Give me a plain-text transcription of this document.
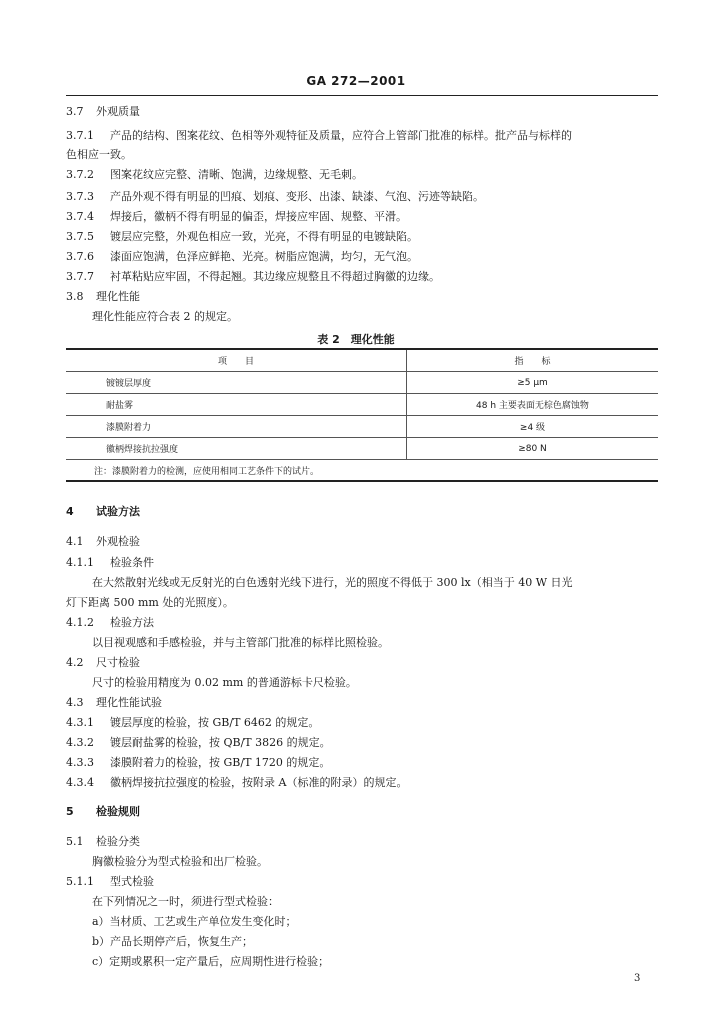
GA 272—2001
3.7 外观质量
3.7.1 产品的结构、图案花纹、色相等外观特征及质量，应符合上管部门批准的标样。批产品与标样的
色相应一致。
3.7.2 图案花纹应完整、清晰、饱满，边缘规整、无毛刺。
3.7.3 产品外观不得有明显的凹痕、划痕、变形、出漆、缺漆、气泡、污迹等缺陷。
3.7.4 焊接后，徽柄不得有明显的偏歪，焊接应牢固、规整、平滑。
3.7.5 镀层应完整，外观色相应一致，光亮，不得有明显的电镀缺陷。
3.7.6 漆面应饱满，色泽应鲜艳、光亮。树脂应饱满，均匀，无气泡。
3.7.7 衬革粘贴应牢固，不得起翘。其边缘应规整且不得超过胸徽的边缘。
3.8 理化性能
理化性能应符合表 2 的规定。
表 2　理化性能
项　　目	指　　标
镀镀层厚度	≥5 μm
耐盐雾	48 h 主要表面无棕色腐蚀物
漆膜附着力	≥4 级
徽柄焊接抗拉强度	≥80 N
注：漆膜附着力的检测，应使用相同工艺条件下的试片。	
4 试验方法
4.1 外观检验
4.1.1 检验条件
在大然散射光线或无反射光的白色透射光线下进行，光的照度不得低于 300 lx（相当于 40 W 日光
灯下距离 500 mm 处的光照度）。
4.1.2 检验方法
以目视观感和手感检验，并与主管部门批准的标样比照检验。
4.2 尺寸检验
尺寸的检验用精度为 0.02 mm 的普通游标卡尺检验。
4.3 理化性能试验
4.3.1 镀层厚度的检验，按 GB/T 6462 的规定。
4.3.2 镀层耐盐雾的检验，按 QB/T 3826 的规定。
4.3.3 漆膜附着力的检验，按 GB/T 1720 的规定。
4.3.4 徽柄焊接抗拉强度的检验，按附录 A（标准的附录）的规定。
5 检验规则
5.1 检验分类
胸徽检验分为型式检验和出厂检验。
5.1.1 型式检验
在下列情况之一时，须进行型式检验：
a）当材质、工艺或生产单位发生变化时；
b）产品长期停产后，恢复生产；
c）定期或累积一定产量后，应周期性进行检验；
3
